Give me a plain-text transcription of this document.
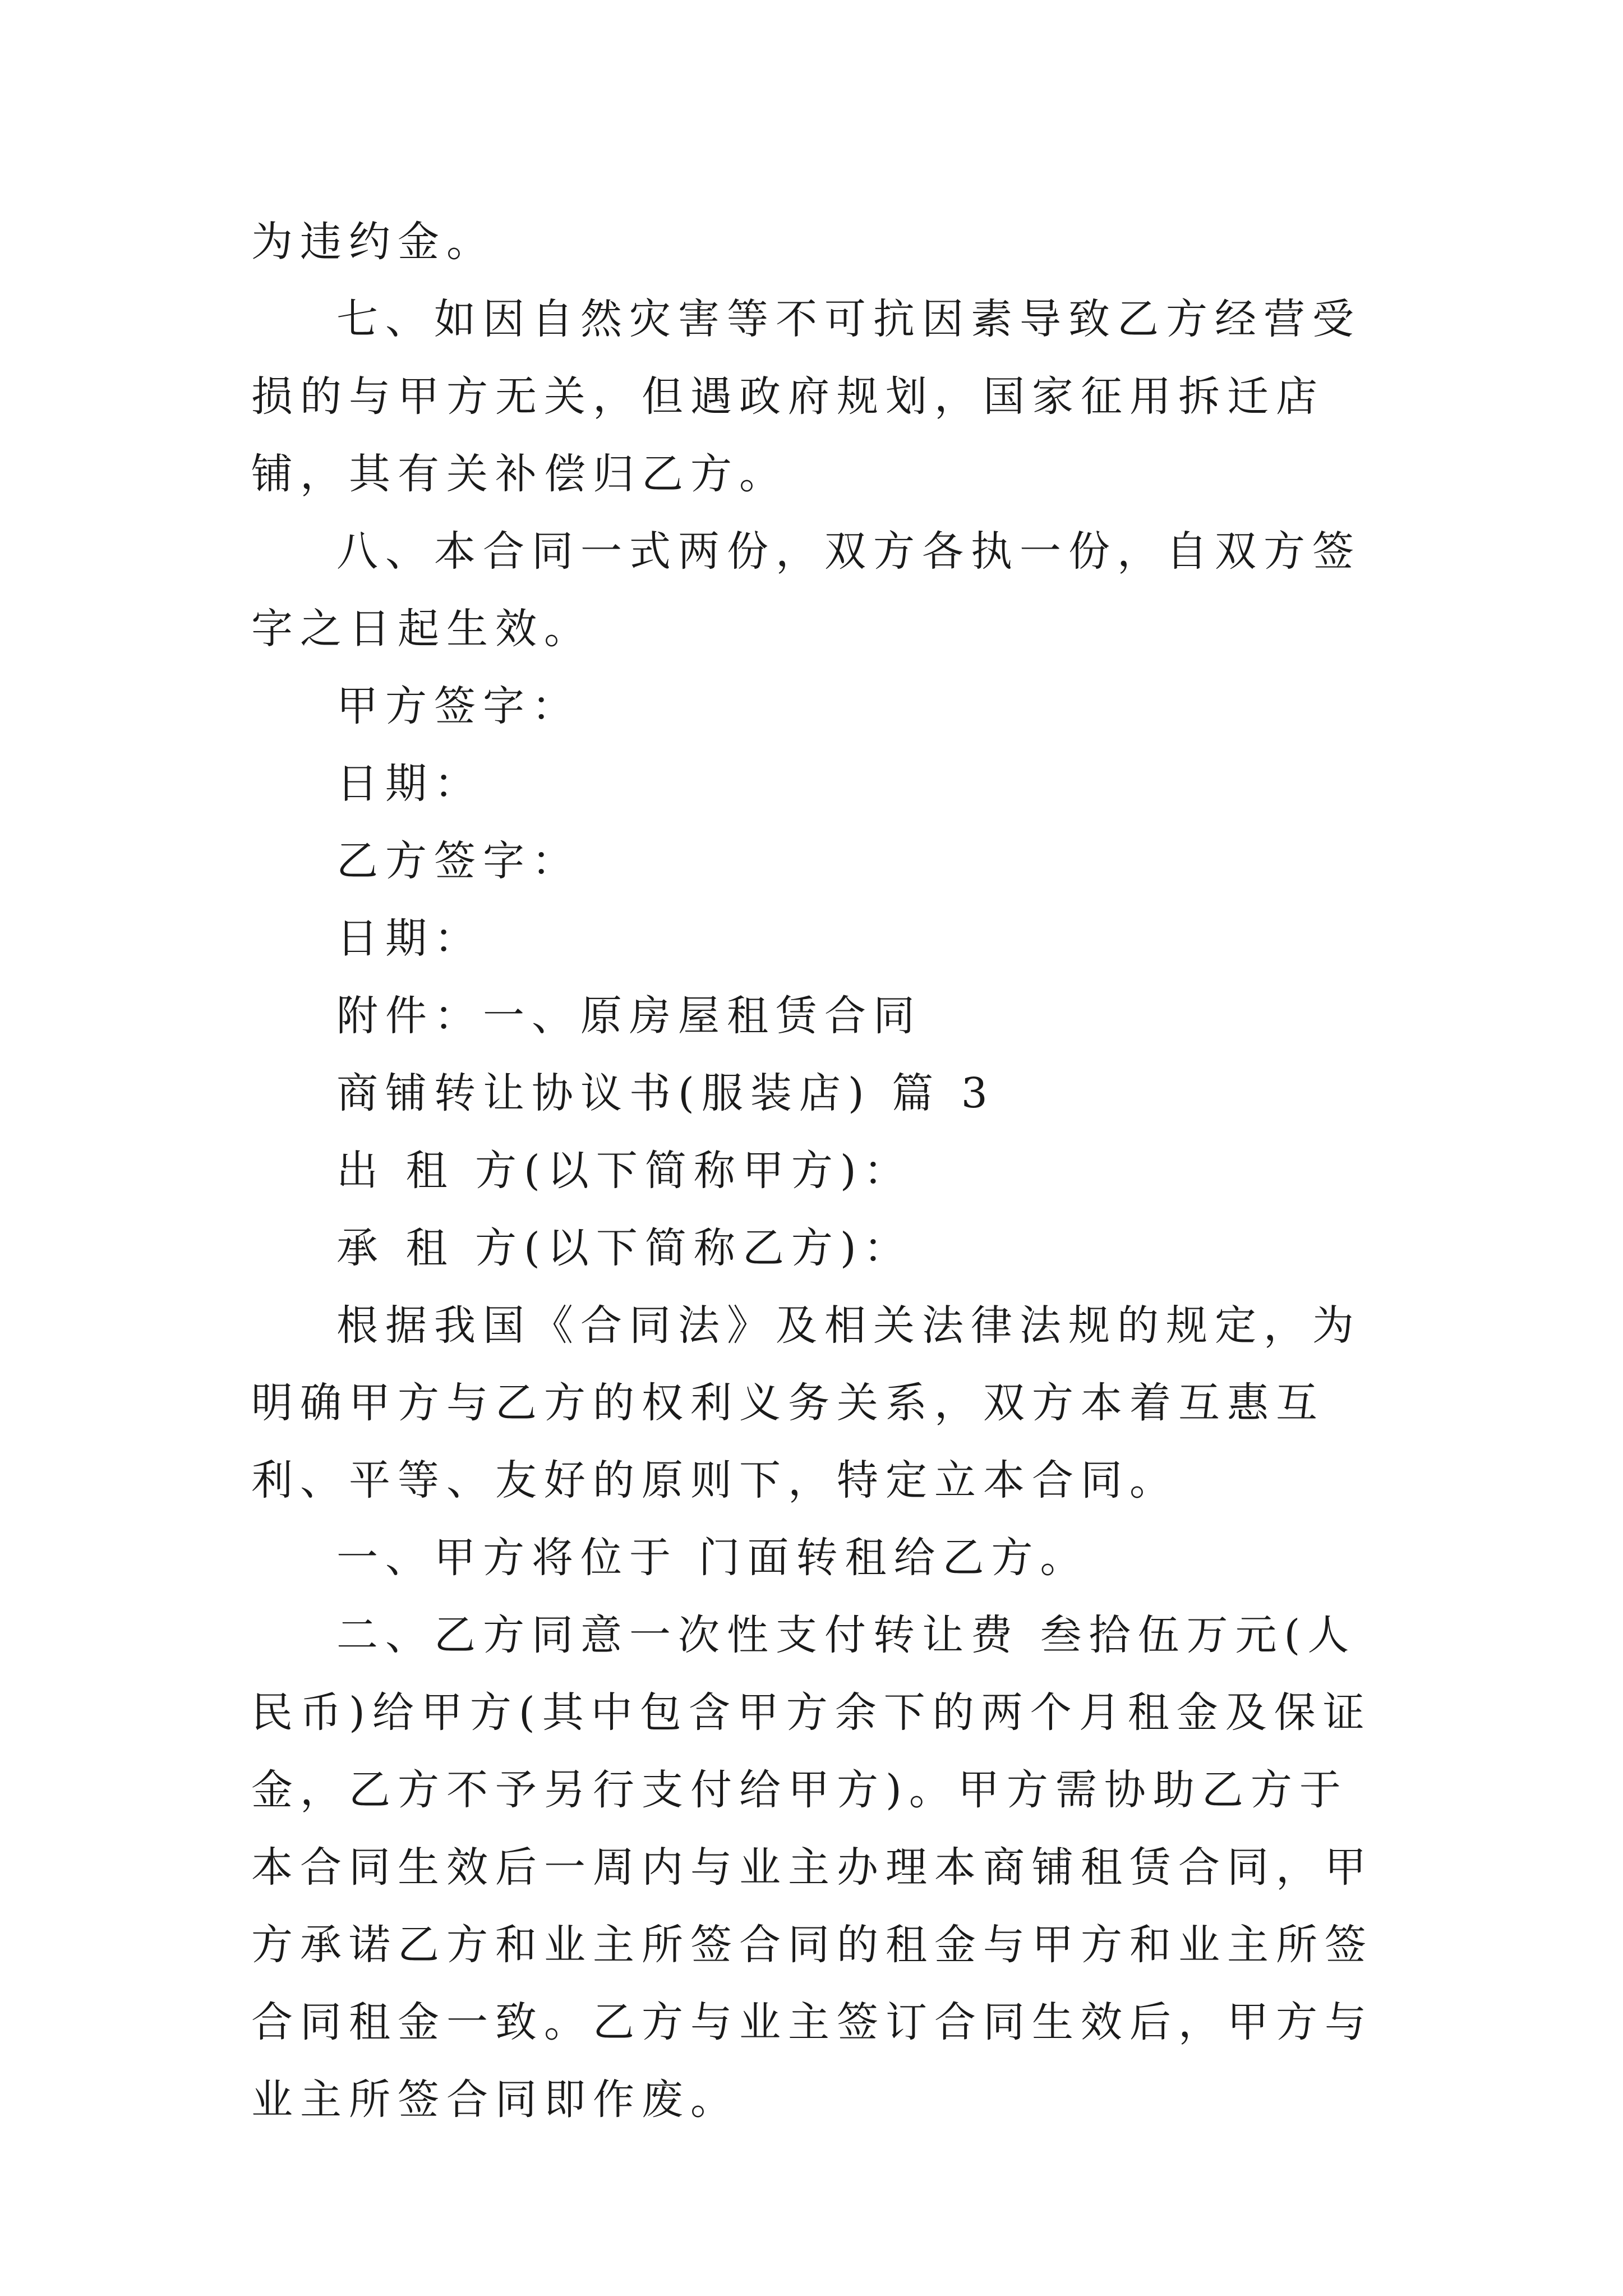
为违约金。

七、如因自然灾害等不可抗因素导致乙方经营受损的与甲方无关，但遇政府规划，国家征用拆迁店铺，其有关补偿归乙方。

八、本合同一式两份，双方各执一份，自双方签字之日起生效。

甲方签字：

日期：

乙方签字：

日期：

附件：一、原房屋租赁合同

商铺转让协议书(服装店) 篇 3

出 租 方(以下简称甲方)：

承 租 方(以下简称乙方)：

根据我国《合同法》及相关法律法规的规定，为明确甲方与乙方的权利义务关系，双方本着互惠互利、平等、友好的原则下，特定立本合同。

一、甲方将位于 门面转租给乙方。

二、乙方同意一次性支付转让费 叁拾伍万元(人民币)给甲方(其中包含甲方余下的两个月租金及保证金，乙方不予另行支付给甲方)。甲方需协助乙方于本合同生效后一周内与业主办理本商铺租赁合同，甲方承诺乙方和业主所签合同的租金与甲方和业主所签合同租金一致。乙方与业主签订合同生效后，甲方与业主所签合同即作废。
